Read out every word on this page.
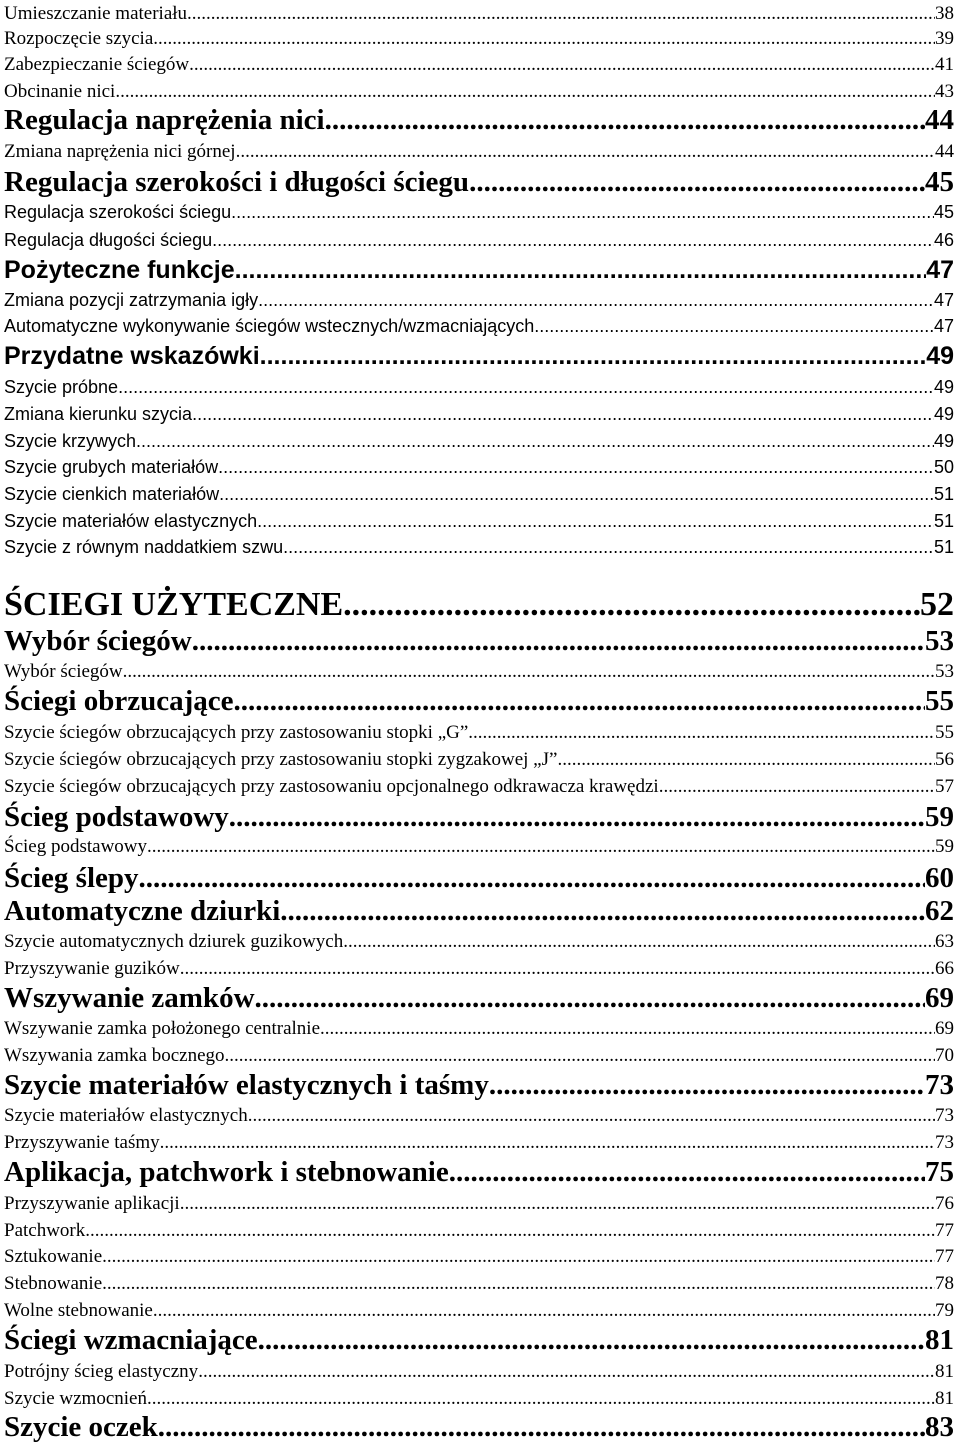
Umieszczanie materiału .....	38
Rozpoczęcie szycia .....	39
Zabezpieczanie ściegów .....	41
Obcinanie nici .....	43
Regulacja naprężenia nici .....	44
Zmiana naprężenia nici górnej .....	44
Regulacja szerokości i długości ściegu .....	45
Regulacja szerokości ściegu .....	45
Regulacja długości ściegu .....	46
Pożyteczne funkcje .....	47
Zmiana pozycji zatrzymania igły .....	47
Automatyczne wykonywanie ściegów wstecznych/wzmacniających .....	47
Przydatne wskazówki .....	49
Szycie próbne .....	49
Zmiana kierunku szycia .....	49
Szycie krzywych .....	49
Szycie grubych materiałów .....	50
Szycie cienkich materiałów .....	51
Szycie materiałów elastycznych .....	51
Szycie z równym naddatkiem szwu .....	51
ŚCIEGI UŻYTECZNE .....	52
Wybór ściegów .....	53
Wybór ściegów .....	53
Ściegi obrzucające .....	55
Szycie ściegów obrzucających przy zastosowaniu stopki „G” .....	55
Szycie ściegów obrzucających przy zastosowaniu stopki zygzakowej „J” .....	56
Szycie ściegów obrzucających przy zastosowaniu opcjonalnego odkrawacza krawędzi .....	57
Ścieg podstawowy .....	59
Ścieg podstawowy .....	59
Ścieg ślepy .....	60
Automatyczne dziurki .....	62
Szycie automatycznych dziurek guzikowych .....	63
Przyszywanie guzików .....	66
Wszywanie zamków .....	69
Wszywanie zamka położonego centralnie .....	69
Wszywania zamka bocznego .....	70
Szycie materiałów elastycznych i taśmy .....	73
Szycie materiałów elastycznych .....	73
Przyszywanie taśmy .....	73
Aplikacja, patchwork i stebnowanie .....	75
Przyszywanie aplikacji .....	76
Patchwork .....	77
Sztukowanie .....	77
Stebnowanie .....	78
Wolne stebnowanie .....	79
Ściegi wzmacniające .....	81
Potrójny ścieg elastyczny .....	81
Szycie wzmocnień .....	81
Szycie oczek .....	83
